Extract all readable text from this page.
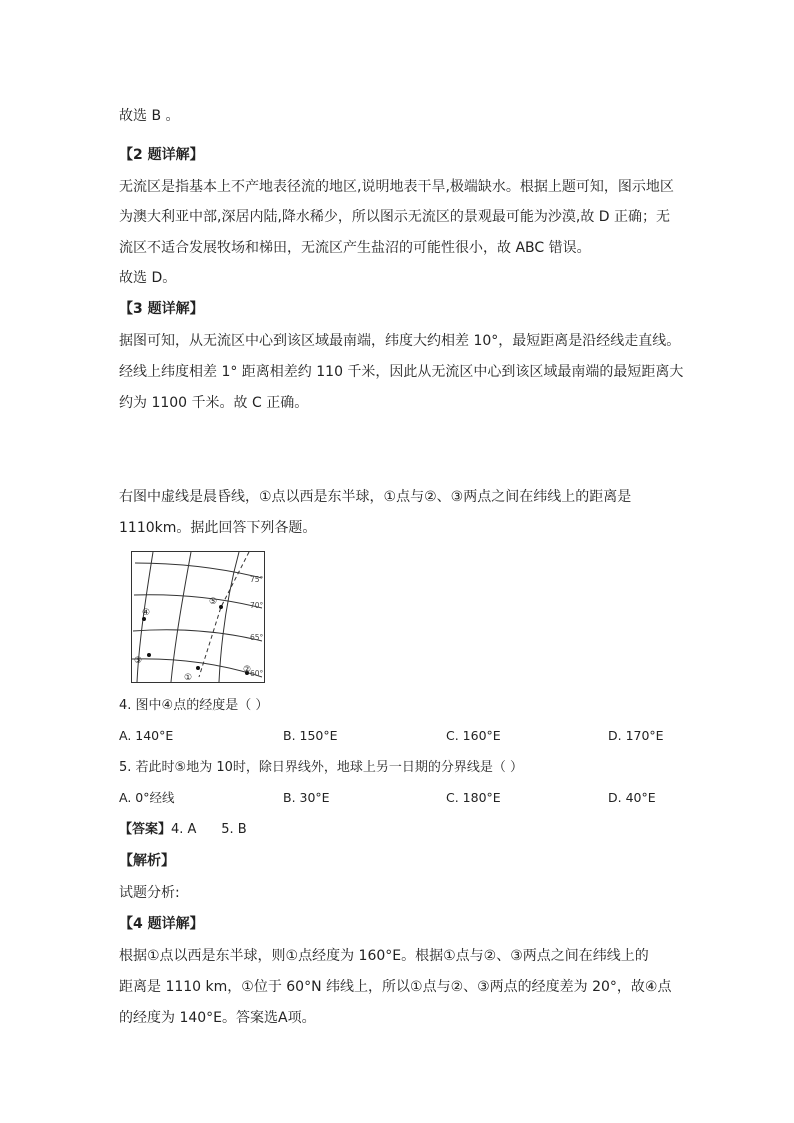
故选 B 。
【2 题详解】
无流区是指基本上不产地表径流的地区,说明地表干旱,极端缺水。根据上题可知，图示地区
为澳大利亚中部,深居内陆,降水稀少，所以图示无流区的景观最可能为沙漠,故 D 正确；无
流区不适合发展牧场和梯田，无流区产生盐沼的可能性很小，故 ABC 错误。
故选 D。
【3 题详解】
据图可知，从无流区中心到该区域最南端，纬度大约相差 10°，最短距离是沿经线走直线。
经线上纬度相差 1° 距离相差约 110 千米，因此从无流区中心到该区域最南端的最短距离大
约为 1100 千米。故 C 正确。
右图中虚线是晨昏线，①点以西是东半球，①点与②、③两点之间在纬线上的距离是
1110km。据此回答下列各题。
⑤
④
③
①
②
75°
70°
65°
60°
4. 图中④点的经度是（ ）
A. 140°E	B. 150°E	C. 160°E	D. 170°E
5. 若此时⑤地为 10时，除日界线外，地球上另一日期的分界线是（ ）
A. 0°经线	B. 30°E	C. 180°E	D. 40°E
【答案】4. A      5. B
【解析】
试题分析:
【4 题详解】
根据①点以西是东半球，则①点经度为 160°E。根据①点与②、③两点之间在纬线上的
距离是 1110 km，①位于 60°N 纬线上，所以①点与②、③两点的经度差为 20°，故④点
的经度为 140°E。答案选A项。
